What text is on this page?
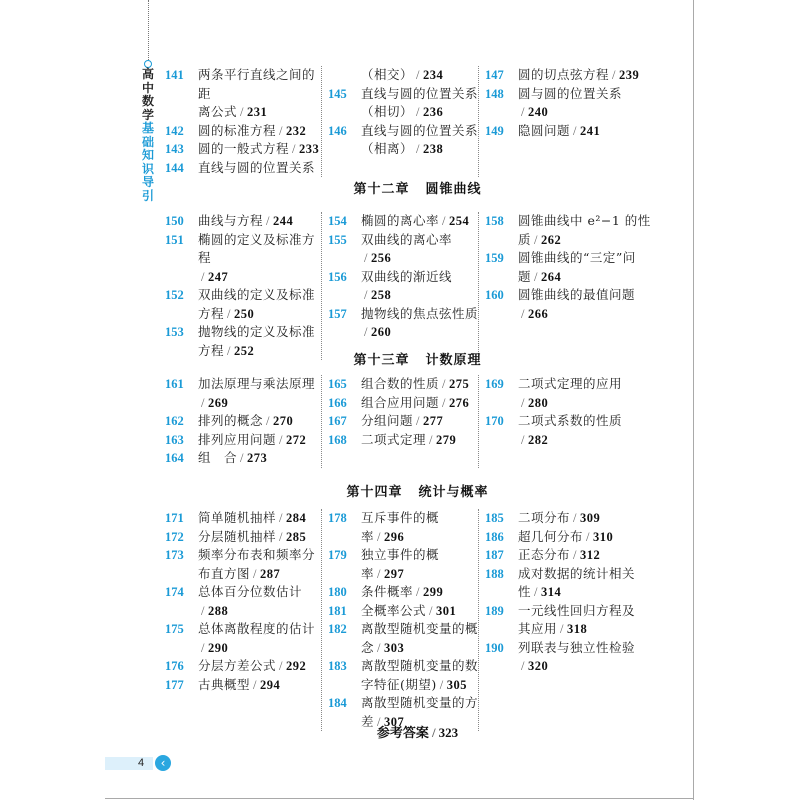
高中数学
基础知识导引
141	两条平行直线之间的距
离公式 / 231
142	圆的标准方程 / 232
143	圆的一般式方程 / 233
144	直线与圆的位置关系
（相交） / 234
145	直线与圆的位置关系
（相切） / 236
146	直线与圆的位置关系
（相离） / 238
147	圆的切点弦方程 / 239
148	圆与圆的位置关系
/ 240
149	隐圆问题 / 241
第十二章 圆锥曲线
150	曲线与方程 / 244
151	椭圆的定义及标准方程
/ 247
152	双曲线的定义及标准
方程 / 250
153	抛物线的定义及标准
方程 / 252
154	椭圆的离心率 / 254
155	双曲线的离心率
/ 256
156	双曲线的渐近线
/ 258
157	抛物线的焦点弦性质
/ 260
158	圆锥曲线中 e²−1 的性
质 / 262
159	圆锥曲线的“三定”问
题 / 264
160	圆锥曲线的最值问题
/ 266
第十三章 计数原理
161	加法原理与乘法原理
/ 269
162	排列的概念 / 270
163	排列应用问题 / 272
164	组　合 / 273
165	组合数的性质 / 275
166	组合应用问题 / 276
167	分组问题 / 277
168	二项式定理 / 279
169	二项式定理的应用
/ 280
170	二项式系数的性质
/ 282
第十四章 统计与概率
171	简单随机抽样 / 284
172	分层随机抽样 / 285
173	频率分布表和频率分
布直方图 / 287
174	总体百分位数估计
/ 288
175	总体离散程度的估计
/ 290
176	分层方差公式 / 292
177	古典概型 / 294
178	互斥事件的概率 / 296
179	独立事件的概率 / 297
180	条件概率 / 299
181	全概率公式 / 301
182	离散型随机变量的概
念 / 303
183	离散型随机变量的数
字特征(期望) / 305
184	离散型随机变量的方
差 / 307
185	二项分布 / 309
186	超几何分布 / 310
187	正态分布 / 312
188	成对数据的统计相关
性 / 314
189	一元线性回归方程及
其应用 / 318
190	列联表与独立性检验
/ 320
参考答案 / 323
4	‹
